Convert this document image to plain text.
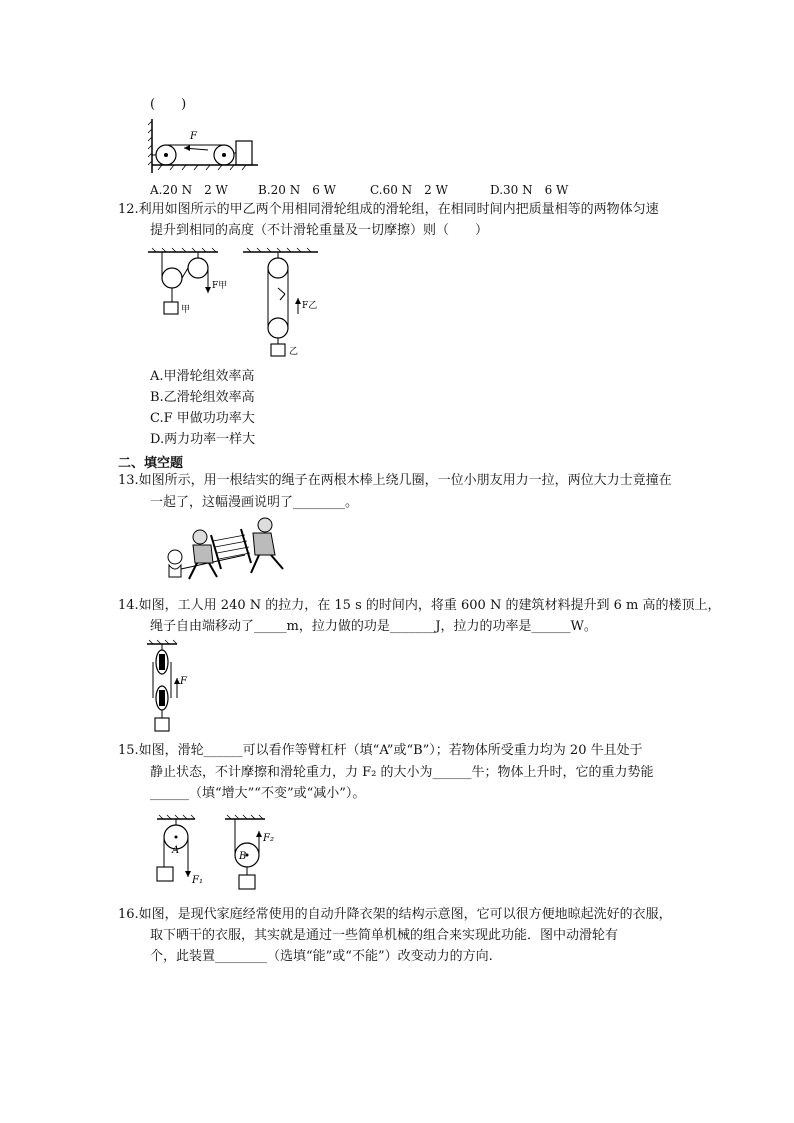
(　　)
F
A.20 N　2 W	B.20 N　6 W	C.60 N　2 W	D.30 N　6 W
12.利用如图所示的甲乙两个用相同滑轮组成的滑轮组，在相同时间内把质量相等的两物体匀速
提升到相同的高度（不计滑轮重量及一切摩擦）则（　　）
F甲
甲	F乙
乙
A.甲滑轮组效率高
B.乙滑轮组效率高
C.F 甲做功功率大
D.两力功率一样大
二、填空题
13.如图所示，用一根结实的绳子在两根木棒上绕几圈，一位小朋友用力一拉，两位大力士竟撞在
一起了，这幅漫画说明了________。
14.如图，工人用 240 N 的拉力，在 15 s 的时间内，将重 600 N 的建筑材料提升到 6 m 高的楼顶上，
绳子自由端移动了_____m，拉力做的功是_______J，拉力的功率是______W。
F
15.如图，滑轮______可以看作等臂杠杆（填“A”或“B”）；若物体所受重力均为 20 牛且处于
静止状态，不计摩擦和滑轮重力，力 F₂ 的大小为______牛；物体上升时，它的重力势能
______（填“增大”“不变”或“减小”）。
A
F₁
B
F₂
16.如图，是现代家庭经常使用的自动升降衣架的结构示意图，它可以很方便地晾起洗好的衣服，
取下晒干的衣服，其实就是通过一些简单机械的组合来实现此功能．图中动滑轮有
个，此装置________（选填“能”或“不能”）改变动力的方向.
